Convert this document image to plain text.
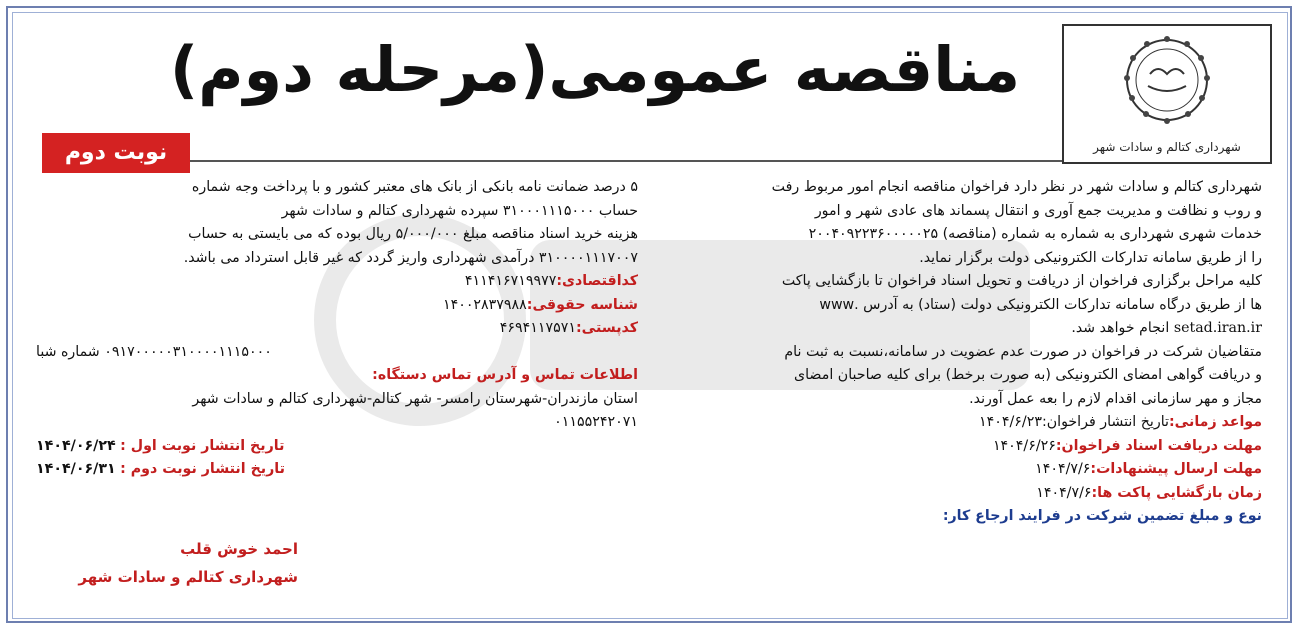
شهرداری کتالم و سادات شهر
مناقصه عمومی(مرحله دوم)
نوبت دوم
شهرداری کتالم و سادات شهر در نظر دارد فراخوان مناقصه انجام امور مربوط رفت
و روب و نظافت و مدیریت جمع آوری و انتقال پسماند های عادی شهر و امور
خدمات شهری شهرداری به شماره به شماره (مناقصه) ۲۰۰۴۰۹۲۲۳۶۰۰۰۰۰۲۵
را از طریق سامانه تدارکات الکترونیکی دولت برگزار نماید.
کلیه مراحل برگزاری فراخوان از دریافت و تحویل اسناد فراخوان تا بازگشایی پاکت
ها از طریق درگاه سامانه تدارکات الکترونیکی دولت (ستاد) به آدرس .www
setad.iran.ir انجام خواهد شد.
متقاضیان شرکت در فراخوان در صورت عدم عضویت در سامانه،نسبت به ثبت نام
و دریافت گواهی امضای الکترونیکی (به صورت برخط) برای کلیه صاحبان امضای
مجاز و مهر سازمانی اقدام لازم را بعه عمل آورند.
مواعد زمانی:تاریخ انتشار فراخوان:۱۴۰۴/۶/۲۳
مهلت دریافت اسناد فراخوان:۱۴۰۴/۶/۲۶
مهلت ارسال پیشنهادات:۱۴۰۴/۷/۶
زمان بازگشایی پاکت ها:۱۴۰۴/۷/۶
نوع و مبلغ تضمین شرکت در فرایند ارجاع کار:
۵ درصد ضمانت نامه بانکی از بانک های معتبر کشور و با پرداخت وجه شماره
حساب ۳۱۰۰۰۱۱۱۵۰۰۰ سپرده شهرداری کتالم و سادات شهر
هزینه خرید اسناد مناقصه مبلغ ۵/۰۰۰/۰۰۰ ریال بوده که می بایستی به حساب
۳۱۰۰۰۰۱۱۱۷۰۰۷ درآمدی شهرداری واریز گردد که غیر قابل استرداد می باشد.
کداقتصادی:۴۱۱۴۱۶۷۱۹۹۷۷
شناسه حقوقی:۱۴۰۰۲۸۳۷۹۸۸
کدپستی:۴۶۹۴۱۱۷۵۷۱
۰۹۱۷۰۰۰۰۰۳۱۰۰۰۰۱۱۱۵۰۰۰ شماره شبا
اطلاعات تماس و آدرس تماس دستگاه:
استان مازندران-شهرستان رامسر- شهر کتالم-شهرداری کتالم و سادات شهر
۰۱۱۵۵۲۴۲۰۷۱
تاریخ انتشار نوبت اول : ۱۴۰۴/۰۶/۲۴
تاریخ انتشار نوبت دوم : ۱۴۰۴/۰۶/۳۱
احمد خوش قلب
شهرداری کتالم و سادات شهر
